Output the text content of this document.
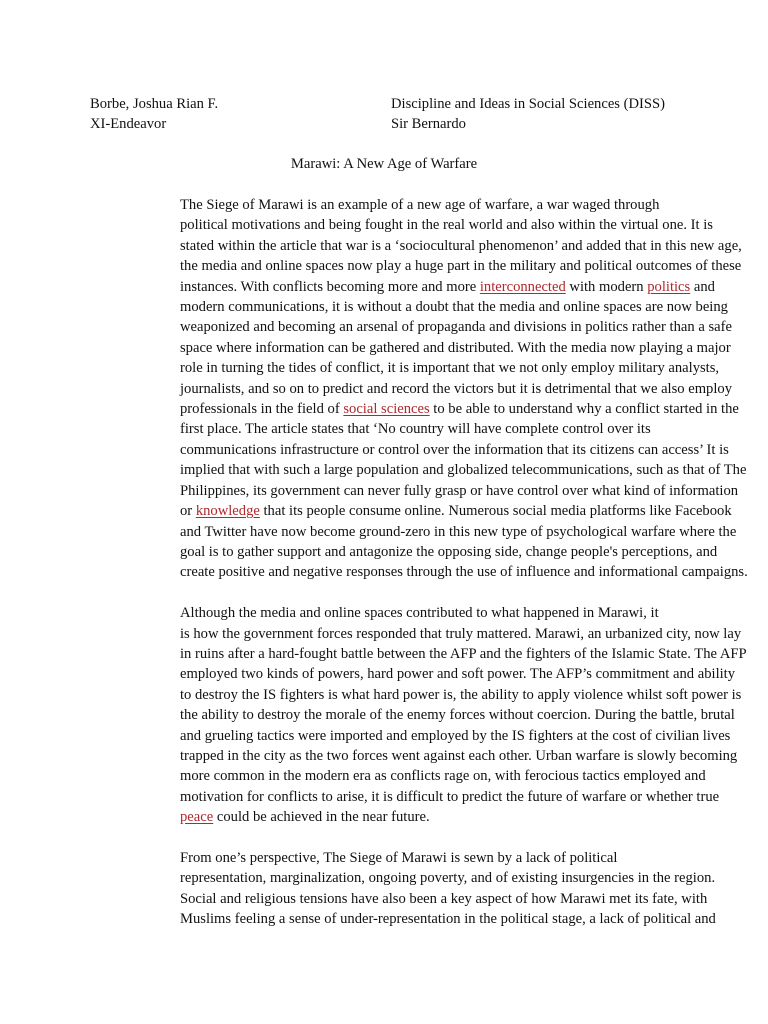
Borbe, Joshua Rian F.	Discipline and Ideas in Social Sciences (DISS)
XI-Endeavor	Sir Bernardo
Marawi: A New Age of Warfare

The Siege of Marawi is an example of a new age of warfare, a war waged through
political motivations and being fought in the real world and also within the virtual one. It is
stated within the article that war is a ‘sociocultural phenomenon’ and added that in this new age,
the media and online spaces now play a huge part in the military and political outcomes of these
instances. With conflicts becoming more and more interconnected with modern politics and
modern communications, it is without a doubt that the media and online spaces are now being
weaponized and becoming an arsenal of propaganda and divisions in politics rather than a safe
space where information can be gathered and distributed. With the media now playing a major
role in turning the tides of conflict, it is important that we not only employ military analysts,
journalists, and so on to predict and record the victors but it is detrimental that we also employ
professionals in the field of social sciences to be able to understand why a conflict started in the
first place. The article states that ‘No country will have complete control over its
communications infrastructure or control over the information that its citizens can access’ It is
implied that with such a large population and globalized telecommunications, such as that of The
Philippines, its government can never fully grasp or have control over what kind of information
or knowledge that its people consume online. Numerous social media platforms like Facebook
and Twitter have now become ground-zero in this new type of psychological warfare where the
goal is to gather support and antagonize the opposing side, change people's perceptions, and
create positive and negative responses through the use of influence and informational campaigns.

Although the media and online spaces contributed to what happened in Marawi, it
is how the government forces responded that truly mattered. Marawi, an urbanized city, now lay
in ruins after a hard-fought battle between the AFP and the fighters of the Islamic State. The AFP
employed two kinds of powers, hard power and soft power. The AFP’s commitment and ability
to destroy the IS fighters is what hard power is, the ability to apply violence whilst soft power is
the ability to destroy the morale of the enemy forces without coercion. During the battle, brutal
and grueling tactics were imported and employed by the IS fighters at the cost of civilian lives
trapped in the city as the two forces went against each other. Urban warfare is slowly becoming
more common in the modern era as conflicts rage on, with ferocious tactics employed and
motivation for conflicts to arise, it is difficult to predict the future of warfare or whether true
peace could be achieved in the near future.

From one’s perspective, The Siege of Marawi is sewn by a lack of political
representation, marginalization, ongoing poverty, and of existing insurgencies in the region.
Social and religious tensions have also been a key aspect of how Marawi met its fate, with
Muslims feeling a sense of under-representation in the political stage, a lack of political and
